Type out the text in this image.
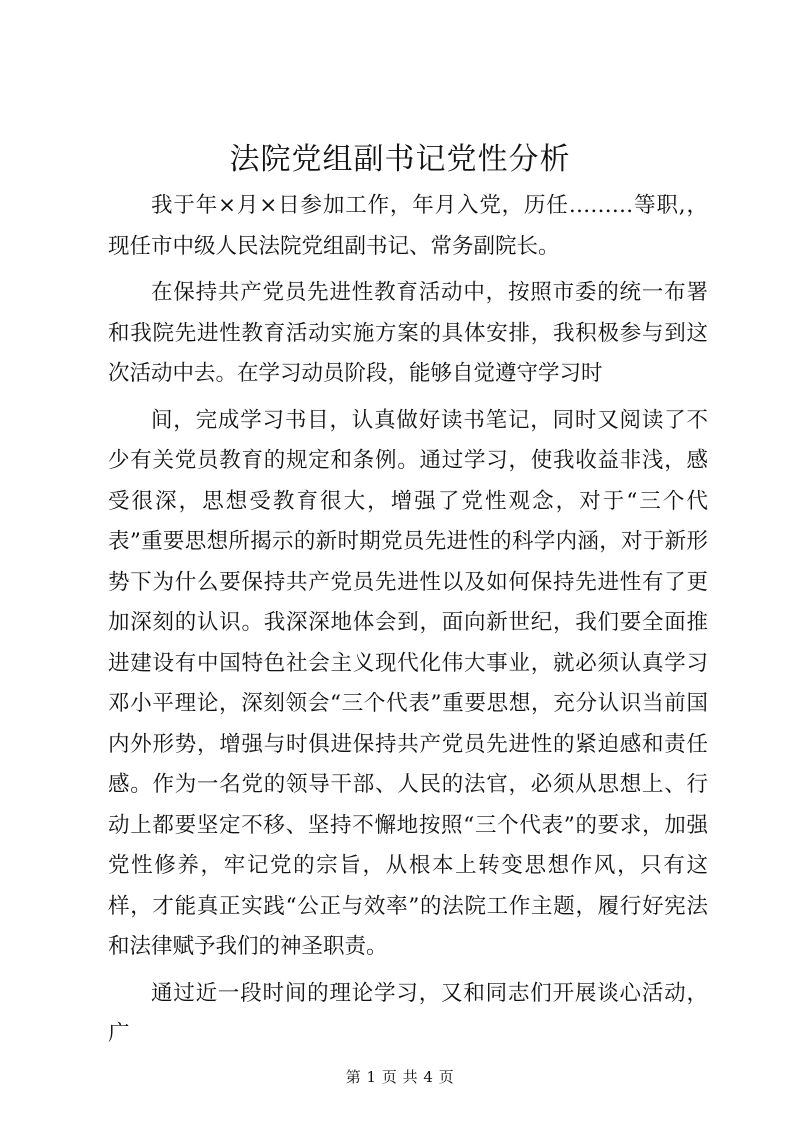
法院党组副书记党性分析

我于年×月×日参加工作，年月入党，历任………等职,，现任市中级人民法院党组副书记、常务副院长。

在保持共产党员先进性教育活动中，按照市委的统一布署和我院先进性教育活动实施方案的具体安排，我积极参与到这次活动中去。在学习动员阶段，能够自觉遵守学习时

间，完成学习书目，认真做好读书笔记，同时又阅读了不少有关党员教育的规定和条例。通过学习，使我收益非浅，感受很深，思想受教育很大，增强了党性观念，对于“三个代表”重要思想所揭示的新时期党员先进性的科学内涵，对于新形势下为什么要保持共产党员先进性以及如何保持先进性有了更加深刻的认识。我深深地体会到，面向新世纪，我们要全面推进建设有中国特色社会主义现代化伟大事业，就必须认真学习邓小平理论，深刻领会“三个代表”重要思想，充分认识当前国内外形势，增强与时俱进保持共产党员先进性的紧迫感和责任感。作为一名党的领导干部、人民的法官，必须从思想上、行动上都要坚定不移、坚持不懈地按照“三个代表”的要求，加强党性修养，牢记党的宗旨，从根本上转变思想作风，只有这样，才能真正实践“公正与效率”的法院工作主题，履行好宪法和法律赋予我们的神圣职责。

通过近一段时间的理论学习，又和同志们开展谈心活动，广

第 1 页 共 4 页
